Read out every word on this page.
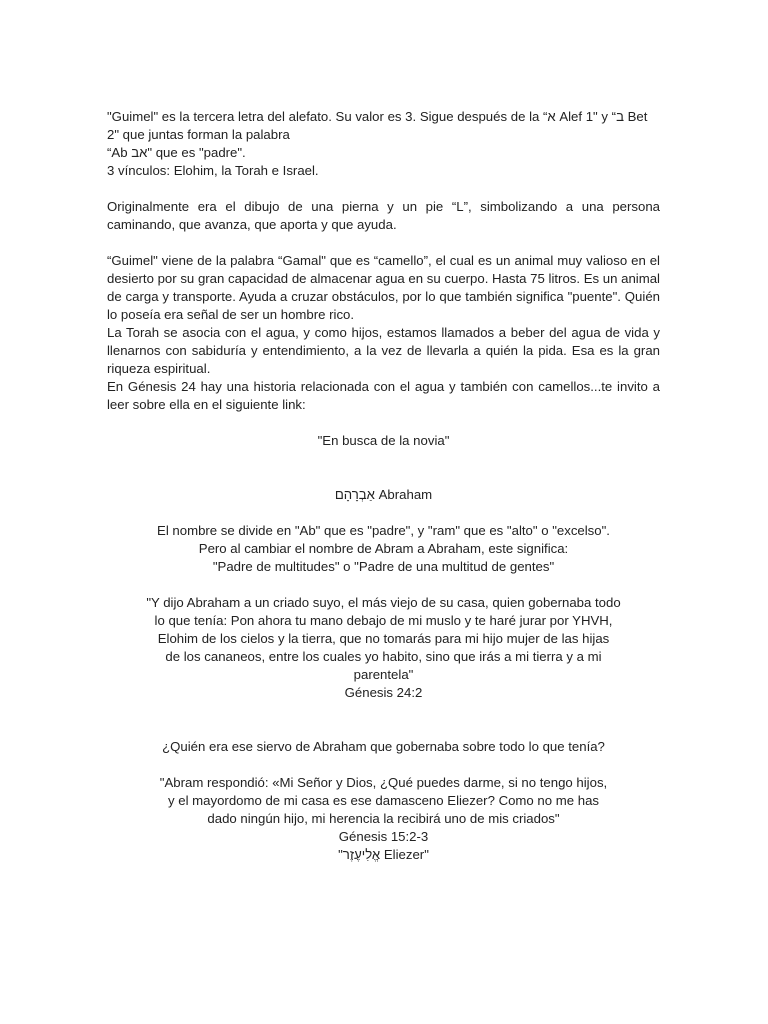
"Guimel" es la tercera letra del alefato. Su valor es 3. Sigue después de la “א Alef 1" y “ב Bet
2" que juntas forman la palabra
“Ab אב" que es "padre".
3 vínculos: Elohim, la Torah e Israel.

Originalmente era el dibujo de una pierna y un pie “L”, simbolizando a una persona caminando, que avanza, que aporta y que ayuda.

“Guimel" viene de la palabra “Gamal" que es “camello”, el cual es un animal muy valioso en el desierto por su gran capacidad de almacenar agua en su cuerpo. Hasta 75 litros. Es un animal de carga y transporte. Ayuda a cruzar obstáculos, por lo que también significa "puente". Quién lo poseía era señal de ser un hombre rico.

La Torah se asocia con el agua, y como hijos, estamos llamados a beber del agua de vida y llenarnos con sabiduría y entendimiento, a la vez de llevarla a quién la pida. Esa es la gran riqueza espiritual.

En Génesis 24 hay una historia relacionada con el agua y también con camellos...te invito a leer sobre ella en el siguiente link:

"En busca de la novia"
אַבְרָהָם Abraham
El nombre se divide en "Ab" que es "padre", y "ram" que es "alto" o "excelso".
Pero al cambiar el nombre de Abram a Abraham, este significa:
"Padre de multitudes" o "Padre de una multitud de gentes"
"Y dijo Abraham a un criado suyo, el más viejo de su casa, quien gobernaba todo
lo que tenía: Pon ahora tu mano debajo de mi muslo y te haré jurar por YHVH,
Elohim de los cielos y la tierra, que no tomarás para mi hijo mujer de las hijas
de los cananeos, entre los cuales yo habito, sino que irás a mi tierra y a mi
parentela"
Génesis 24:2
¿Quién era ese siervo de Abraham que gobernaba sobre todo lo que tenía?
"Abram respondió: «Mi Señor y Dios, ¿Qué puedes darme, si no tengo hijos,
y el mayordomo de mi casa es ese damasceno Eliezer? Como no me has
dado ningún hijo, mi herencia la recibirá uno de mis criados"
Génesis 15:2-3
"אֱלִיעֶזֶר Eliezer"
